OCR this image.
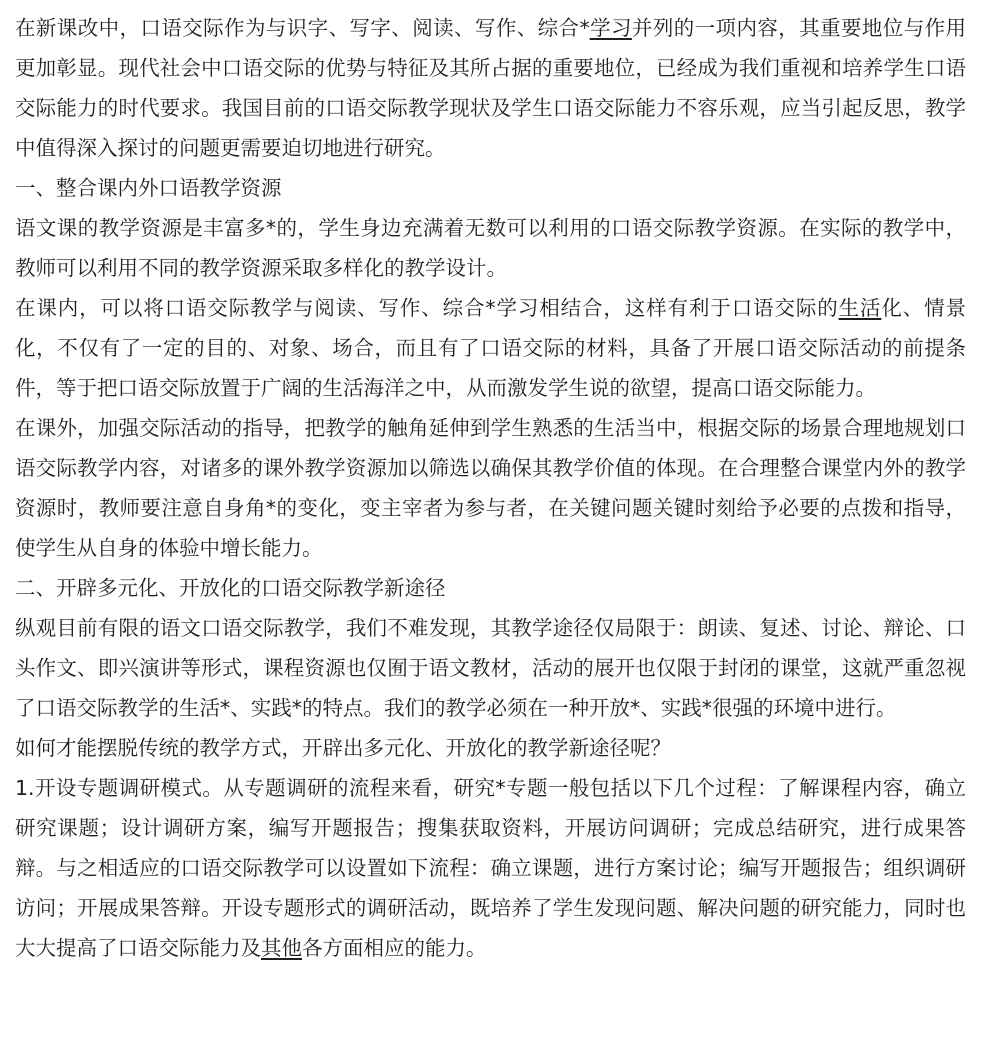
在新课改中，口语交际作为与识字、写字、阅读、写作、综合*学习并列的一项内容，其重要地位与作用更加彰显。现代社会中口语交际的优势与特征及其所占据的重要地位，已经成为我们重视和培养学生口语交际能力的时代要求。我国目前的口语交际教学现状及学生口语交际能力不容乐观，应当引起反思，教学中值得深入探讨的问题更需要迫切地进行研究。

一、整合课内外口语教学资源

语文课的教学资源是丰富多*的，学生身边充满着无数可以利用的口语交际教学资源。在实际的教学中，教师可以利用不同的教学资源采取多样化的教学设计。

在课内，可以将口语交际教学与阅读、写作、综合*学习相结合，这样有利于口语交际的生活化、情景化，不仅有了一定的目的、对象、场合，而且有了口语交际的材料，具备了开展口语交际活动的前提条件，等于把口语交际放置于广阔的生活海洋之中，从而激发学生说的欲望，提高口语交际能力。

在课外，加强交际活动的指导，把教学的触角延伸到学生熟悉的生活当中，根据交际的场景合理地规划口语交际教学内容，对诸多的课外教学资源加以筛选以确保其教学价值的体现。在合理整合课堂内外的教学资源时，教师要注意自身角*的变化，变主宰者为参与者，在关键问题关键时刻给予必要的点拨和指导，使学生从自身的体验中增长能力。

二、开辟多元化、开放化的口语交际教学新途径

纵观目前有限的语文口语交际教学，我们不难发现，其教学途径仅局限于：朗读、复述、讨论、辩论、口头作文、即兴演讲等形式，课程资源也仅囿于语文教材，活动的展开也仅限于封闭的课堂，这就严重忽视了口语交际教学的生活*、实践*的特点。我们的教学必须在一种开放*、实践*很强的环境中进行。

如何才能摆脱传统的教学方式，开辟出多元化、开放化的教学新途径呢？

1.开设专题调研模式。从专题调研的流程来看，研究*专题一般包括以下几个过程：了解课程内容，确立研究课题；设计调研方案，编写开题报告；搜集获取资料，开展访问调研；完成总结研究，进行成果答辩。与之相适应的口语交际教学可以设置如下流程：确立课题，进行方案讨论；编写开题报告；组织调研访问；开展成果答辩。开设专题形式的调研活动，既培养了学生发现问题、解决问题的研究能力，同时也大大提高了口语交际能力及其他各方面相应的能力。
